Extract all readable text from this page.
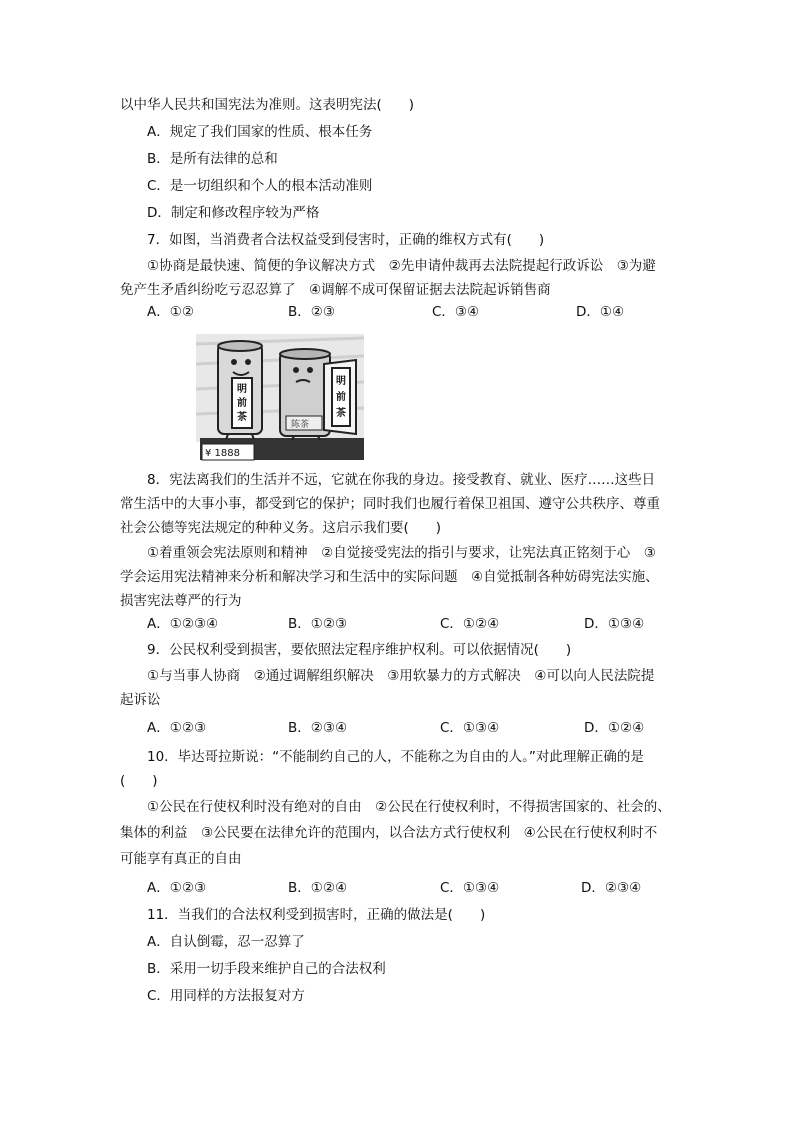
以中华人民共和国宪法为准则。这表明宪法(　　)
A．规定了我们国家的性质、根本任务
B．是所有法律的总和
C．是一切组织和个人的根本活动准则
D．制定和修改程序较为严格
7．如图，当消费者合法权益受到侵害时，正确的维权方式有(　　)
①协商是最快速、简便的争议解决方式　②先申请仲裁再去法院提起行政诉讼　③为避
免产生矛盾纠纷吃亏忍忍算了　④调解不成可保留证据去法院起诉销售商
A．①②	B．②③	C．③④	D．①④
¥ 1888
明 前 茶
陈茶
明 前 茶
8．宪法离我们的生活并不远，它就在你我的身边。接受教育、就业、医疗……这些日
常生活中的大事小事，都受到它的保护；同时我们也履行着保卫祖国、遵守公共秩序、尊重
社会公德等宪法规定的种种义务。这启示我们要(　　)
①着重领会宪法原则和精神　②自觉接受宪法的指引与要求，让宪法真正铭刻于心　③
学会运用宪法精神来分析和解决学习和生活中的实际问题　④自觉抵制各种妨碍宪法实施、
损害宪法尊严的行为
A．①②③④	B．①②③	C．①②④	D．①③④
9．公民权利受到损害，要依照法定程序维护权利。可以依据情况(　　)
①与当事人协商　②通过调解组织解决　③用软暴力的方式解决　④可以向人民法院提
起诉讼
A．①②③	B．②③④	C．①③④	D．①②④
10．毕达哥拉斯说：“不能制约自己的人，不能称之为自由的人。”对此理解正确的是
(　　)
①公民在行使权利时没有绝对的自由　②公民在行使权利时，不得损害国家的、社会的、
集体的利益　③公民要在法律允许的范围内，以合法方式行使权利　④公民在行使权利时不
可能享有真正的自由
A．①②③	B．①②④	C．①③④	D．②③④
11．当我们的合法权利受到损害时，正确的做法是(　　)
A．自认倒霉，忍一忍算了
B．采用一切手段来维护自己的合法权利
C．用同样的方法报复对方
